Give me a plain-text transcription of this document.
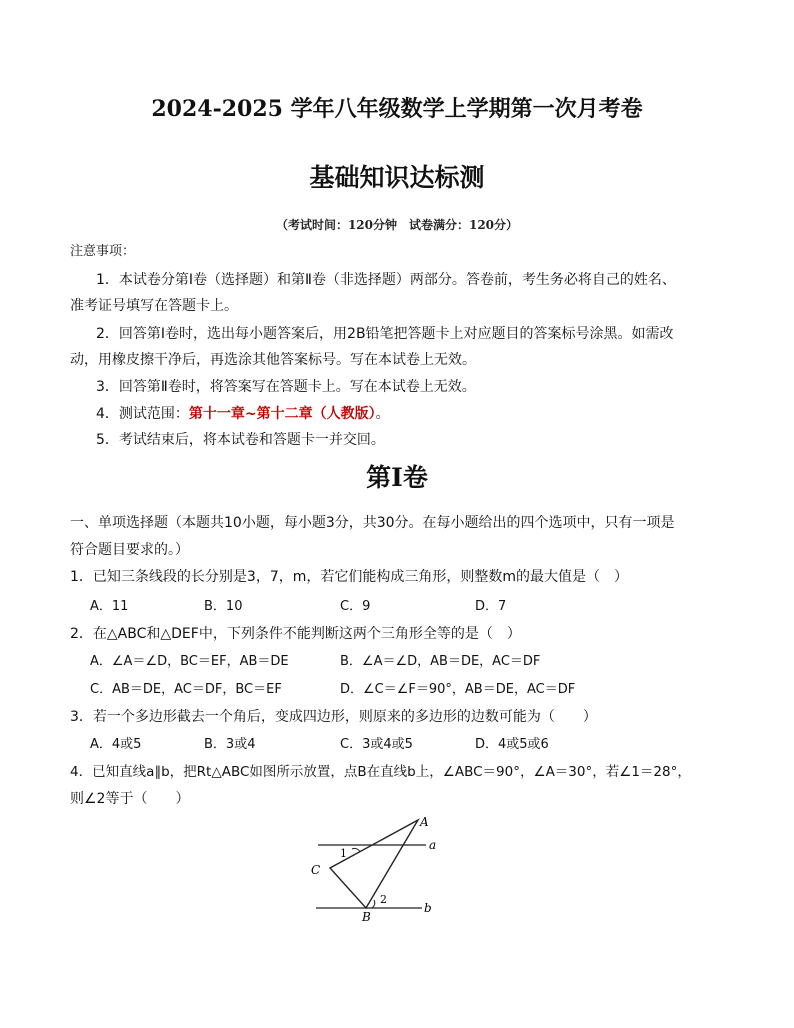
2024-2025 学年八年级数学上学期第一次月考卷
基础知识达标测
（考试时间：120分钟　试卷满分：120分）
注意事项：
1．本试卷分第Ⅰ卷（选择题）和第Ⅱ卷（非选择题）两部分。答卷前，考生务必将自己的姓名、
准考证号填写在答题卡上。
2．回答第Ⅰ卷时，选出每小题答案后，用2B铅笔把答题卡上对应题目的答案标号涂黑。如需改
动，用橡皮擦干净后，再选涂其他答案标号。写在本试卷上无效。
3．回答第Ⅱ卷时，将答案写在答题卡上。写在本试卷上无效。
4．测试范围：第十一章~第十二章（人教版）。
5．考试结束后，将本试卷和答题卡一并交回。
第Ⅰ卷
一、单项选择题（本题共10小题，每小题3分，共30分。在每小题给出的四个选项中，只有一项是
符合题目要求的。）
1．已知三条线段的长分别是3，7，m，若它们能构成三角形，则整数m的最大值是（　）
A．11	B．10	C．9	D．7
2．在△ABC和△DEF中，下列条件不能判断这两个三角形全等的是（　）
A．∠A＝∠D，BC＝EF，AB＝DE	B．∠A＝∠D，AB＝DE，AC＝DF
C．AB＝DE，AC＝DF，BC＝EF	D．∠C＝∠F＝90°，AB＝DE，AC＝DF
3．若一个多边形截去一个角后，变成四边形，则原来的多边形的边数可能为（　　）
A．4或5	B．3或4	C．3或4或5	D．4或5或6
4．已知直线a∥b，把Rt△ABC如图所示放置，点B在直线b上，∠ABC＝90°，∠A＝30°，若∠1＝28°，
则∠2等于（　　）
A
a
1
C
2
B
b
